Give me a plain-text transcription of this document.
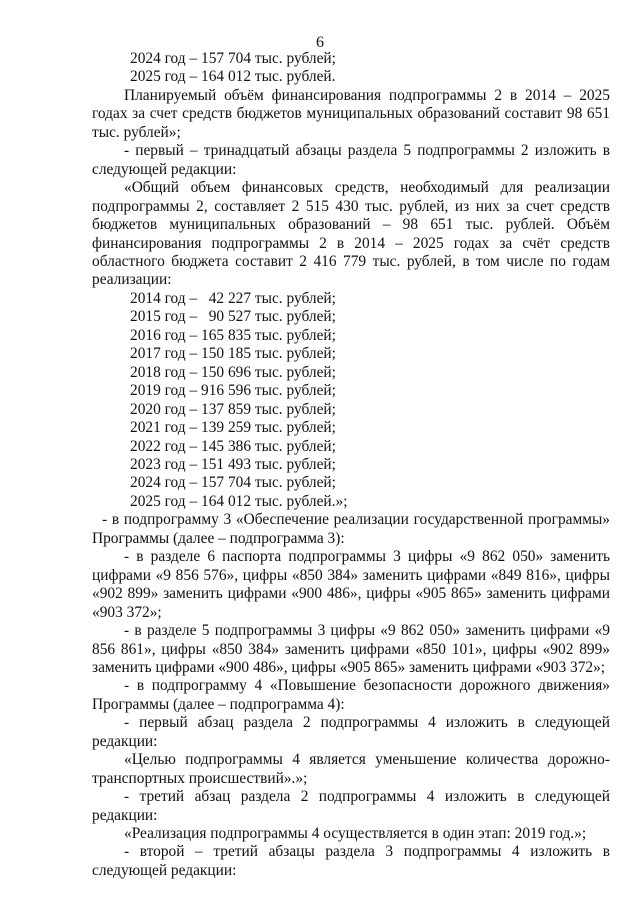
6

2024 год – 157 704 тыс. рублей;

2025 год – 164 012 тыс. рублей.

Планируемый объём финансирования подпрограммы 2 в 2014 – 2025 годах за счет средств бюджетов муниципальных образований составит 98 651 тыс. рублей»;

- первый – тринадцатый абзацы раздела 5 подпрограммы 2 изложить в следующей редакции:

«Общий объем финансовых средств, необходимый для реализации подпрограммы 2, составляет 2 515 430 тыс. рублей, из них за счет средств бюджетов муниципальных образований – 98 651 тыс. рублей. Объём финансирования подпрограммы 2 в 2014 – 2025 годах за счёт средств областного бюджета составит 2 416 779 тыс. рублей, в том числе по годам реализации:

2014 год –   42 227 тыс. рублей;

2015 год –   90 527 тыс. рублей;

2016 год – 165 835 тыс. рублей;

2017 год – 150 185 тыс. рублей;

2018 год – 150 696 тыс. рублей;

2019 год – 916 596 тыс. рублей;

2020 год – 137 859 тыс. рублей;

2021 год – 139 259 тыс. рублей;

2022 год – 145 386 тыс. рублей;

2023 год – 151 493 тыс. рублей;

2024 год – 157 704 тыс. рублей;

2025 год – 164 012 тыс. рублей.»;

- в подпрограмму 3 «Обеспечение реализации государственной программы» Программы (далее – подпрограмма 3):

- в разделе 6 паспорта подпрограммы 3 цифры «9 862 050» заменить цифрами «9 856 576», цифры «850 384» заменить цифрами «849 816», цифры «902 899» заменить цифрами «900 486», цифры «905 865» заменить цифрами «903 372»;

- в разделе 5 подпрограммы 3 цифры «9 862 050» заменить цифрами «9 856 861», цифры «850 384» заменить цифрами «850 101», цифры «902 899» заменить цифрами «900 486», цифры «905 865» заменить цифрами «903 372»;

- в подпрограмму 4 «Повышение безопасности дорожного движения» Программы (далее – подпрограмма 4):

- первый абзац раздела 2 подпрограммы 4 изложить в следующей редакции:

«Целью подпрограммы 4 является уменьшение количества дорожно-транспортных происшествий».»;

- третий абзац раздела 2 подпрограммы 4 изложить в следующей редакции:

«Реализация подпрограммы 4 осуществляется в один этап: 2019 год.»;

- второй – третий абзацы раздела 3 подпрограммы 4 изложить в следующей редакции:
